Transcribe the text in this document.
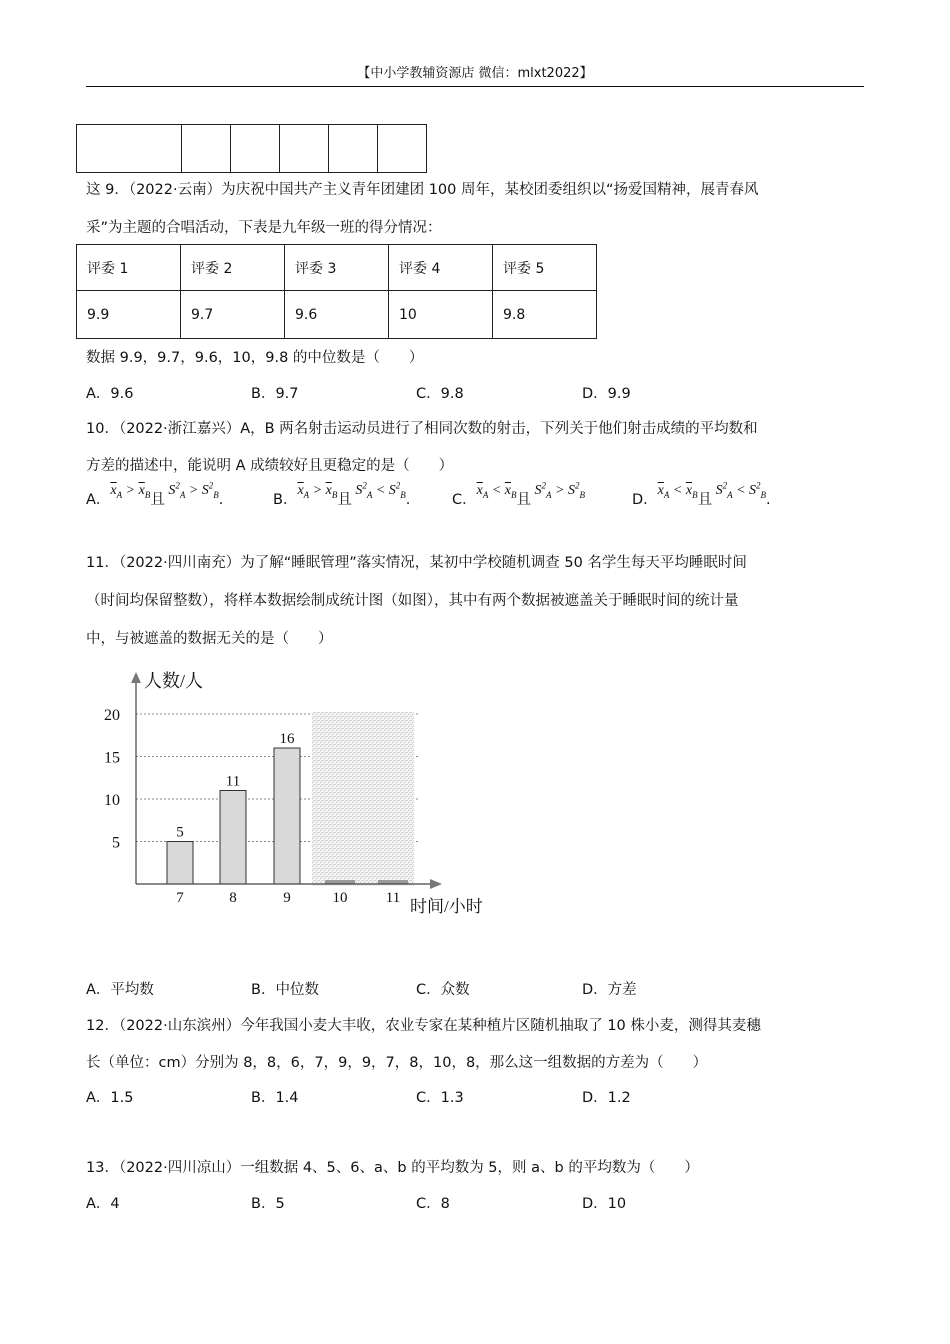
【中小学教辅资源店 微信：mlxt2022】

这 9．（2022·云南）为庆祝中国共产主义青年团建团 100 周年，某校团委组织以“扬爱国精神，展青春风
采”为主题的合唱活动，下表是九年级一班的得分情况：
评委 1	评委 2	评委 3	评委 4	评委 5
9.9	9.7	9.6	10	9.8
数据 9.9，9.7，9.6，10，9.8 的中位数是（　　）
A．9.6	B．9.7	C．9.8	D．9.9
10．（2022·浙江嘉兴）A，B 两名射击运动员进行了相同次数的射击，下列关于他们射击成绩的平均数和
方差的描述中，能说明 A 成绩较好且更稳定的是（　　）
A．$\overline{x}_A > \overline{x}_B$且 $S^2_A > S^2_B$.	B．$\overline{x}_A > \overline{x}_B$且 $S^2_A < S^2_B$.	C．$\overline{x}_A < \overline{x}_B$且 $S^2_A > S^2_B$	D．$\overline{x}_A < \overline{x}_B$且 $S^2_A < S^2_B$.
11．（2022·四川南充）为了解“睡眠管理”落实情况，某初中学校随机调查 50 名学生每天平均睡眠时间
（时间均保留整数），将样本数据绘制成统计图（如图），其中有两个数据被遮盖关于睡眠时间的统计量
中，与被遮盖的数据无关的是（　　）
5
11
16
20
15
10
5
7	8	9	10	11
人数/人
时间/小时
A．平均数	B．中位数	C．众数	D．方差
12．（2022·山东滨州）今年我国小麦大丰收，农业专家在某种植片区随机抽取了 10 株小麦，测得其麦穗
长（单位：cm）分别为 8，8，6，7，9，9，7，8，10，8，那么这一组数据的方差为（　　）
A．1.5	B．1.4	C．1.3	D．1.2
13．（2022·四川凉山）一组数据 4、5、6、a、b 的平均数为 5，则 a、b 的平均数为（　　）
A．4	B．5	C．8	D．10
